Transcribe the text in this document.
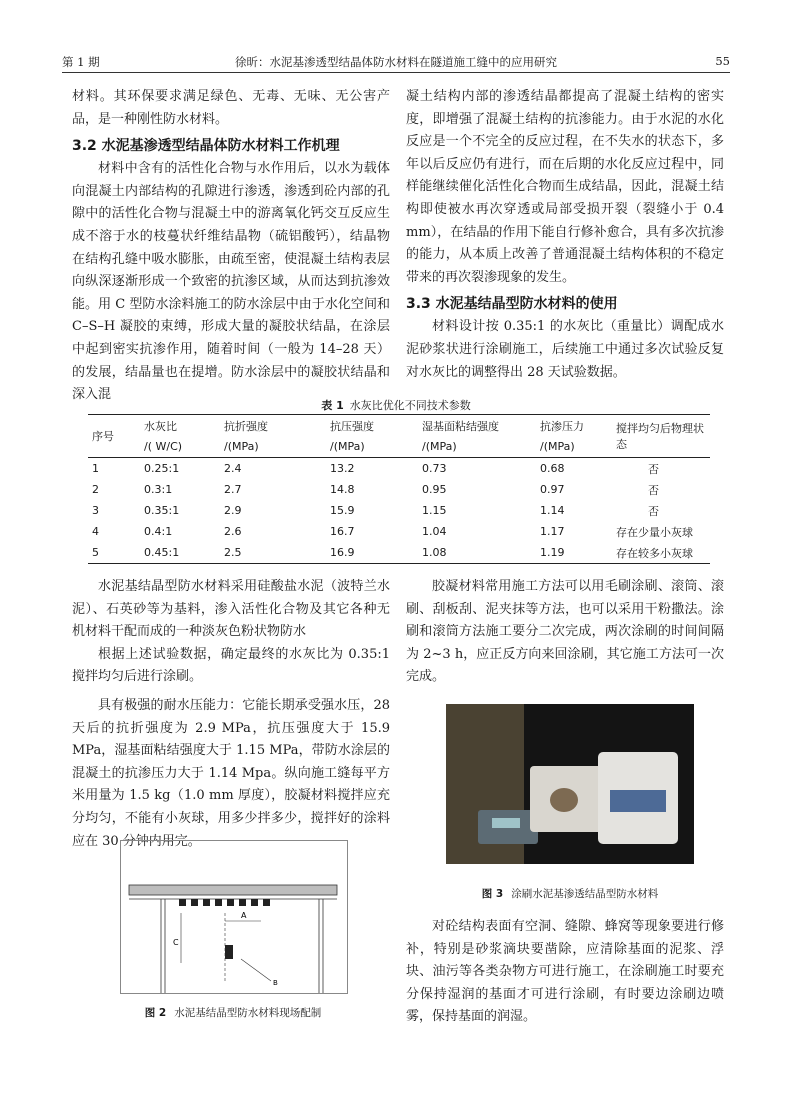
第 1 期	徐昕：水泥基渗透型结晶体防水材料在隧道施工缝中的应用研究	55

材料。其环保要求满足绿色、无毒、无味、无公害产品，是一种刚性防水材料。

3.2 水泥基渗透型结晶体防水材料工作机理

材料中含有的活性化合物与水作用后，以水为载体向混凝土内部结构的孔隙进行渗透，渗透到砼内部的孔隙中的活性化合物与混凝土中的游离氧化钙交互反应生成不溶于水的枝蔓状纤维结晶物（硫铝酸钙），结晶物在结构孔缝中吸水膨胀，由疏至密，使混凝土结构表层向纵深逐渐形成一个致密的抗渗区域，从而达到抗渗效能。用 C 型防水涂料施工的防水涂层中由于水化空间和 C–S–H 凝胶的束缚，形成大量的凝胶状结晶，在涂层中起到密实抗渗作用，随着时间（一般为 14–28 天）的发展，结晶量也在提增。防水涂层中的凝胶状结晶和深入混

凝土结构内部的渗透结晶都提高了混凝土结构的密实度，即增强了混凝土结构的抗渗能力。由于水泥的水化反应是一个不完全的反应过程，在不失水的状态下，多年以后反应仍有进行，而在后期的水化反应过程中，同样能继续催化活性化合物而生成结晶，因此，混凝土结构即使被水再次穿透或局部受损开裂（裂缝小于 0.4 mm），在结晶的作用下能自行修补愈合，具有多次抗渗的能力，从本质上改善了普通混凝土结构体积的不稳定带来的再次裂渗现象的发生。

3.3 水泥基结晶型防水材料的使用

材料设计按 0.35:1 的水灰比（重量比）调配成水泥砂浆状进行涂刷施工，后续施工中通过多次试验反复对水灰比的调整得出 28 天试验数据。

表 1 水灰比优化不同技术参数
序号	水灰比	抗折强度	抗压强度	湿基面粘结强度	抗渗压力	搅拌均匀后物理状态
	/( W/C)	/(MPa)	/(MPa)	/(MPa)	/(MPa)	
1	0.25:1	2.4	13.2	0.73	0.68	否
2	0.3:1	2.7	14.8	0.95	0.97	否
3	0.35:1	2.9	15.9	1.15	1.14	否
4	0.4:1	2.6	16.7	1.04	1.17	存在少量小灰球
5	0.45:1	2.5	16.9	1.08	1.19	存在较多小灰球

水泥基结晶型防水材料采用硅酸盐水泥（波特兰水泥）、石英砂等为基料，渗入活性化合物及其它各种无机材料干配而成的一种淡灰色粉状物防水

根据上述试验数据，确定最终的水灰比为 0.35:1 搅拌均匀后进行涂刷。

具有极强的耐水压能力：它能长期承受强水压，28 天后的抗折强度为 2.9 MPa，抗压强度大于 15.9 MPa，湿基面粘结强度大于 1.15 MPa，带防水涂层的混凝土的抗渗压力大于 1.14 Mpa。纵向施工缝每平方米用量为 1.5 kg（1.0 mm 厚度），胶凝材料搅拌应充分均匀，不能有小灰球，用多少拌多少，搅拌好的涂料应在 30 分钟内用完。

胶凝材料常用施工方法可以用毛刷涂刷、滚筒、滚刷、刮板刮、泥夹抹等方法，也可以采用干粉撒法。涂刷和滚筒方法施工要分二次完成，两次涂刷的时间间隔为 2~3 h，应正反方向来回涂刷，其它施工方法可一次完成。

C
A
B
图 2 水泥基结晶型防水材料现场配制
图 3 涂刷水泥基渗透结晶型防水材料

对砼结构表面有空洞、缝隙、蜂窝等现象要进行修补，特别是砂浆滴块要凿除，应清除基面的泥浆、浮块、油污等各类杂物方可进行施工，在涂刷施工时要充分保持湿润的基面才可进行涂刷，有时要边涂刷边喷雾，保持基面的润湿。
